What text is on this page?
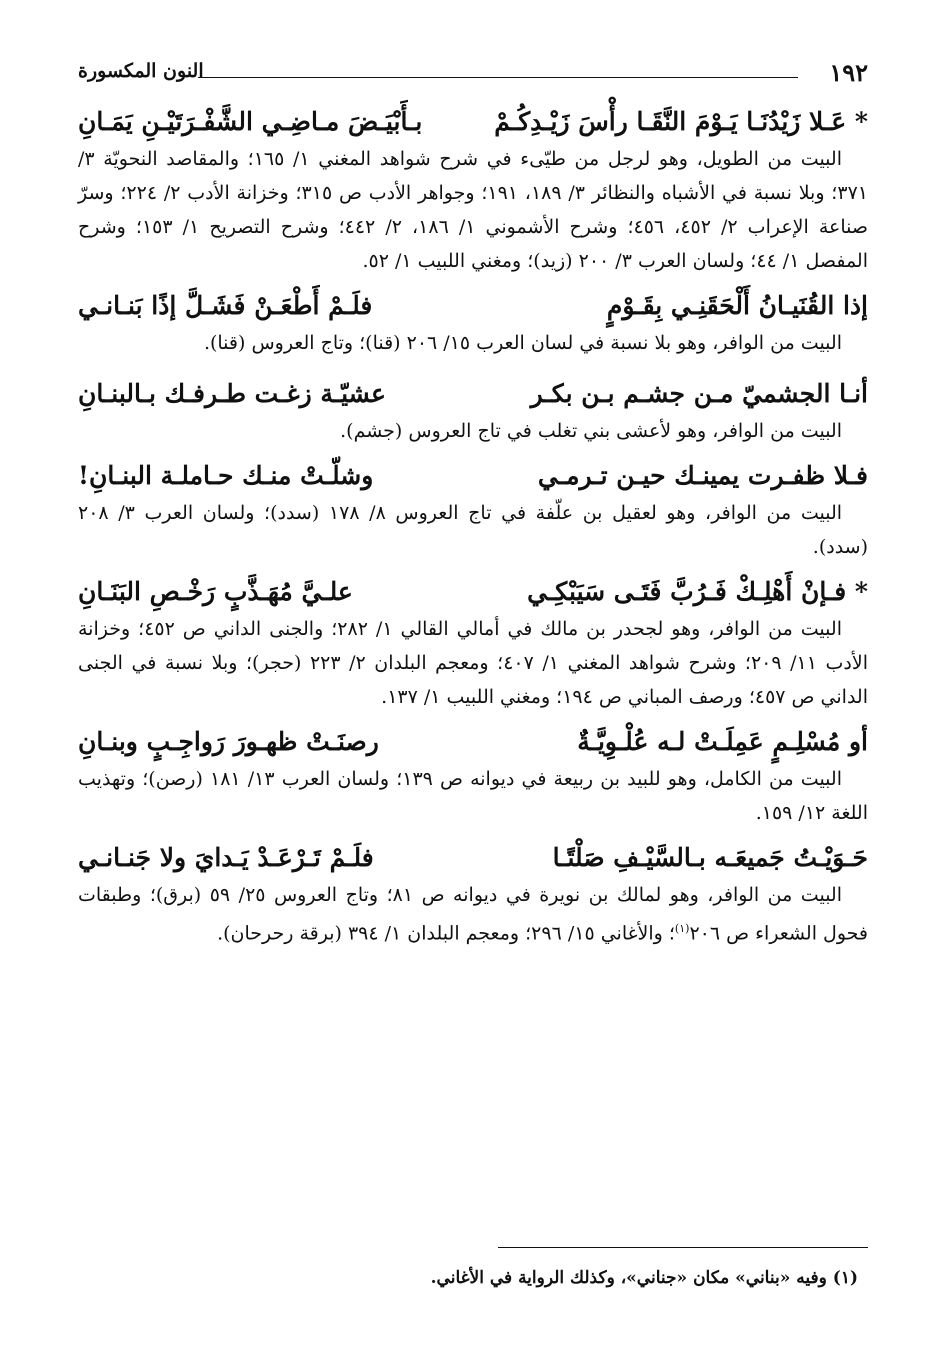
١٩٢
النون المكسورة
* عَـلا زَيْدُنَـا يَـوْمَ النَّقَـا رأْسَ زَيْـدِكُـمْ
بـأَبْيَـضَ مـاضِـي الشَّفْـرَتَيْـنِ يَمَـانِ

البيت من الطويل، وهو لرجل من طيّىء في شرح شواهد المغني ١/ ١٦٥؛ والمقاصد النحويّة ٣/ ٣٧١؛ وبلا نسبة في الأشباه والنظائر ٣/ ١٨٩، ١٩١؛ وجواهر الأدب ص ٣١٥؛ وخزانة الأدب ٢/ ٢٢٤؛ وسرّ صناعة الإعراب ٢/ ٤٥٢، ٤٥٦؛ وشرح الأشموني ١/ ١٨٦، ٢/ ٤٤٢؛ وشرح التصريح ١/ ١٥٣؛ وشرح المفصل ١/ ٤٤؛ ولسان العرب ٣/ ٢٠٠ (زيد)؛ ومغني اللبيب ١/ ٥٢.

إذا القُنَيـانُ أَلْحَقَنِـي بِقَـوْمٍ
فلَـمْ أَطْعَـنْ فَشَـلَّ إذًا بَنـانـي

البيت من الوافر، وهو بلا نسبة في لسان العرب ١٥/ ٢٠٦ (قنا)؛ وتاج العروس (قنا).

أنـا الجشميّ مـن جشـم بـن بكـر
عشيّـة زغـت طـرفـك بـالبنـانِ

البيت من الوافر، وهو لأعشى بني تغلب في تاج العروس (جشم).

فـلا ظفـرت يمينـك حيـن تـرمـي
وشلّـتْ منـك حـاملـة البنـانِ!

البيت من الوافر، وهو لعقيل بن علّفة في تاج العروس ٨/ ١٧٨ (سدد)؛ ولسان العرب ٣/ ٢٠٨ (سدد).

* فـإنْ أَهْلِـكْ فَـرُبَّ فَتَـى سَيَبْكِـي
علـيَّ مُهَـذَّبٍ رَخْـصِ البَنَـانِ

البيت من الوافر، وهو لجحدر بن مالك في أمالي القالي ١/ ٢٨٢؛ والجنى الداني ص ٤٥٢؛ وخزانة الأدب ١١/ ٢٠٩؛ وشرح شواهد المغني ١/ ٤٠٧؛ ومعجم البلدان ٢/ ٢٢٣ (حجر)؛ وبلا نسبة في الجنى الداني ص ٤٥٧؛ ورصف المباني ص ١٩٤؛ ومغني اللبيب ١/ ١٣٧.

أو مُسْلِـمٍ عَمِلَـتْ لـه عُلْـوِيَّـةٌ
رصنَـتْ ظهـورَ رَواجِـبٍ وبنـانِ

البيت من الكامل، وهو للبيد بن ربيعة في ديوانه ص ١٣٩؛ ولسان العرب ١٣/ ١٨١ (رصن)؛ وتهذيب اللغة ١٢/ ١٥٩.

حَـوَيْـتُ جَميعَـه بـالسَّيْـفِ صَلْتًـا
فلَـمْ تَـرْعَـدْ يَـدايَ ولا جَنـانـي

البيت من الوافر، وهو لمالك بن نويرة في ديوانه ص ٨١؛ وتاج العروس ٢٥/ ٥٩ (برق)؛ وطبقات فحول الشعراء ص ٢٠٦$^{(١)}$؛ والأغاني ١٥/ ٢٩٦؛ ومعجم البلدان ١/ ٣٩٤ (برقة رحرحان).

(١) وفيه «بناني» مكان «جناني»، وكذلك الرواية في الأغاني.
